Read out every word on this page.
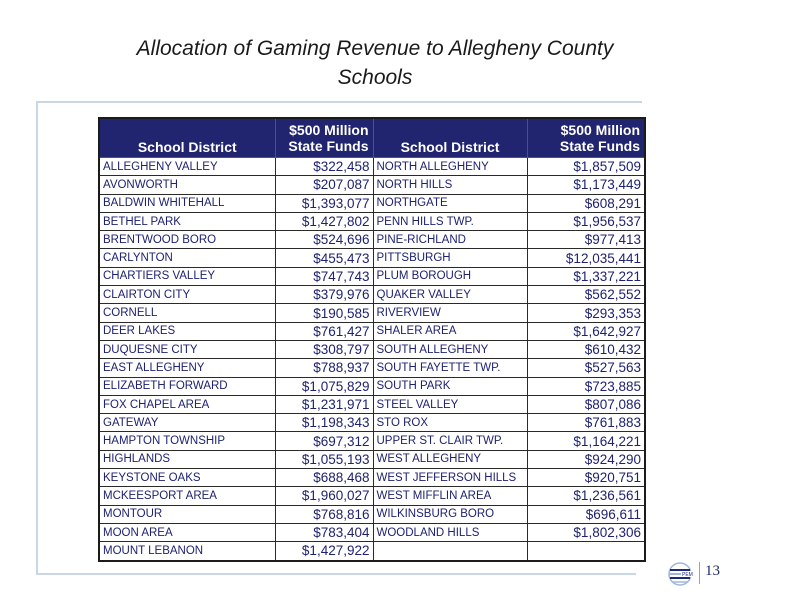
Allocation of Gaming Revenue to Allegheny County Schools
School District	$500 Million State Funds	School District	$500 Million State Funds
ALLEGHENY VALLEY	$322,458	NORTH ALLEGHENY	$1,857,509
AVONWORTH	$207,087	NORTH HILLS	$1,173,449
BALDWIN WHITEHALL	$1,393,077	NORTHGATE	$608,291
BETHEL PARK	$1,427,802	PENN HILLS TWP.	$1,956,537
BRENTWOOD BORO	$524,696	PINE-RICHLAND	$977,413
CARLYNTON	$455,473	PITTSBURGH	$12,035,441
CHARTIERS VALLEY	$747,743	PLUM BOROUGH	$1,337,221
CLAIRTON CITY	$379,976	QUAKER VALLEY	$562,552
CORNELL	$190,585	RIVERVIEW	$293,353
DEER LAKES	$761,427	SHALER AREA	$1,642,927
DUQUESNE CITY	$308,797	SOUTH ALLEGHENY	$610,432
EAST ALLEGHENY	$788,937	SOUTH FAYETTE TWP.	$527,563
ELIZABETH FORWARD	$1,075,829	SOUTH PARK	$723,885
FOX CHAPEL AREA	$1,231,971	STEEL VALLEY	$807,086
GATEWAY	$1,198,343	STO ROX	$761,883
HAMPTON TOWNSHIP	$697,312	UPPER ST. CLAIR TWP.	$1,164,221
HIGHLANDS	$1,055,193	WEST ALLEGHENY	$924,290
KEYSTONE OAKS	$688,468	WEST JEFFERSON HILLS	$920,751
MCKEESPORT AREA	$1,960,027	WEST MIFFLIN AREA	$1,236,561
MONTOUR	$768,816	WILKINSBURG BORO	$696,611
MOON AREA	$783,404	WOODLAND HILLS	$1,802,306
MOUNT LEBANON	$1,427,922		
PEM 13
